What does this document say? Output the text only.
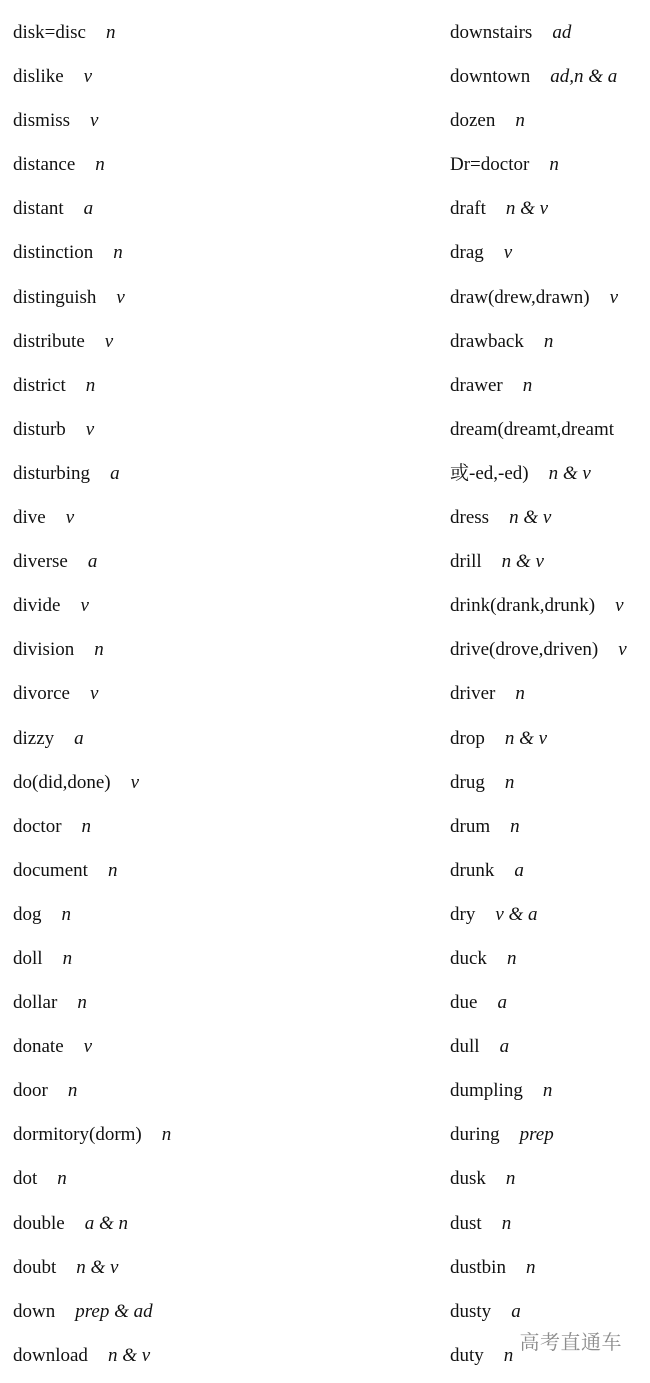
disk=disc n
dislike v
dismiss v
distance n
distant a
distinction n
distinguish v
distribute v
district n
disturb v
disturbing a
dive v
diverse a
divide v
division n
divorce v
dizzy a
do(did,done) v
doctor n
document n
dog n
doll n
dollar n
donate v
door n
dormitory(dorm) n
dot n
double a & n
doubt n & v
down prep & ad
download n & v
downstairs ad
downtown ad,n & a
dozen n
Dr=doctor n
draft n & v
drag v
draw(drew,drawn) v
drawback n
drawer n
dream(dreamt,dreamt
或-ed,-ed) n & v
dress n & v
drill n & v
drink(drank,drunk) v
drive(drove,driven) v
driver n
drop n & v
drug n
drum n
drunk a
dry v & a
duck n
due a
dull a
dumpling n
during prep
dusk n
dust n
dustbin n
dusty a
duty n
高考直通车
